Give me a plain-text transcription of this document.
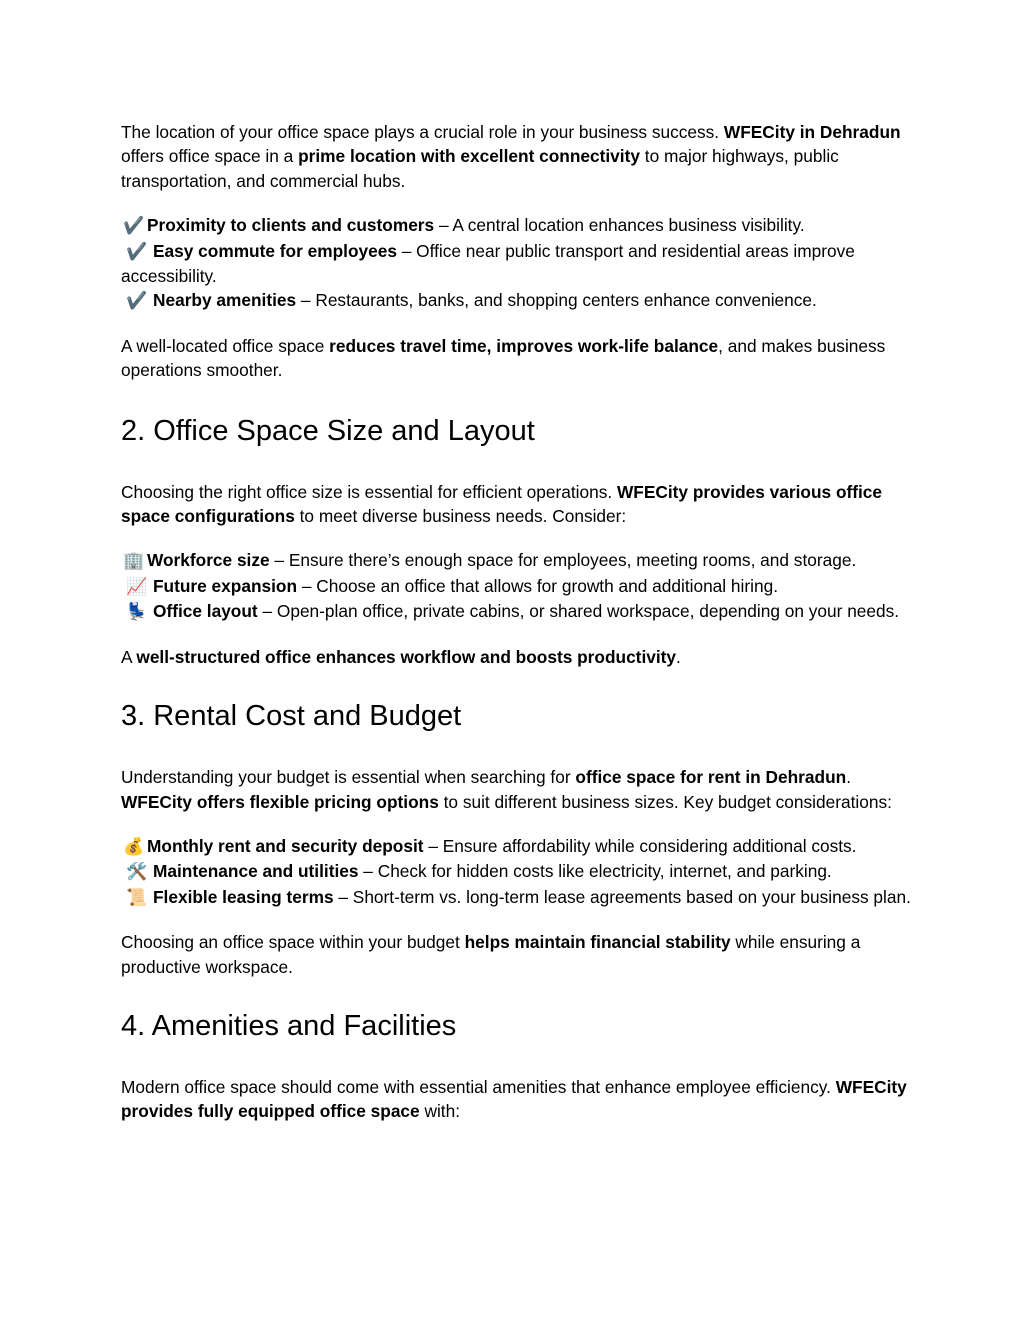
The location of your office space plays a crucial role in your business success. WFECity in Dehradun offers office space in a prime location with excellent connectivity to major highways, public transportation, and commercial hubs.

✔️ Proximity to clients and customers – A central location enhances business visibility.

✔️ Easy commute for employees – Office near public transport and residential areas improve accessibility.

✔️ Nearby amenities – Restaurants, banks, and shopping centers enhance convenience.

A well-located office space reduces travel time, improves work-life balance, and makes business operations smoother.

2. Office Space Size and Layout

Choosing the right office size is essential for efficient operations. WFECity provides various office space configurations to meet diverse business needs. Consider:

🏢 Workforce size – Ensure there’s enough space for employees, meeting rooms, and storage.

📈 Future expansion – Choose an office that allows for growth and additional hiring.

💺 Office layout – Open-plan office, private cabins, or shared workspace, depending on your needs.

A well-structured office enhances workflow and boosts productivity.

3. Rental Cost and Budget

Understanding your budget is essential when searching for office space for rent in Dehradun. WFECity offers flexible pricing options to suit different business sizes. Key budget considerations:

💰 Monthly rent and security deposit – Ensure affordability while considering additional costs.

🛠️ Maintenance and utilities – Check for hidden costs like electricity, internet, and parking.

📜 Flexible leasing terms – Short-term vs. long-term lease agreements based on your business plan.

Choosing an office space within your budget helps maintain financial stability while ensuring a productive workspace.

4. Amenities and Facilities

Modern office space should come with essential amenities that enhance employee efficiency. WFECity provides fully equipped office space with:
